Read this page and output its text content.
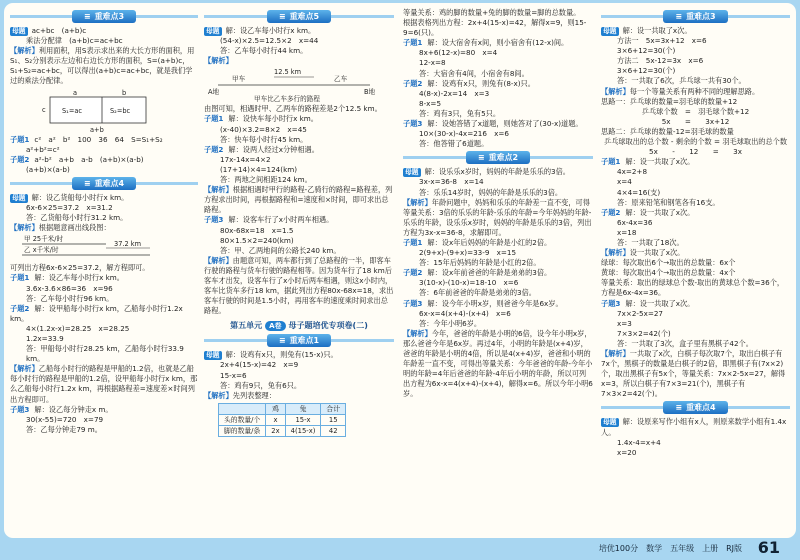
≡ 重难点3
母题 ac+bc　(a+b)c
乘法分配律　(a+b)c=ac+bc
【解析】利用面积，用S表示求出来的大长方形的面积，用S₁、S₂分别表示左边和右边长方形的面积，S=(a+b)c，S₁+S₂=ac+bc，可以得出(a+b)c=ac+bc，就是我们学过的乘法分配律。
a	b
c S₁=ac	S₂=bc
a+b
子题1 c²　a²　b²　100　36　64　S=S₁+S₂
a²+b²=c²
子题2 a²-b²　a+b　a-b　(a+b)×(a-b)
(a+b)×(a-b)
≡ 重难点4
母题 解：设乙货船每小时行x km。
6x-6×25=37.2　x=31.2
答：乙货船每小时行31.2 km。
【解析】根据题意画出线段图：
甲 25千米/时
乙 x千米/时
37.2 km
可列出方程6x-6×25=37.2，解方程即可。
子题1 解：设乙车每小时行x km。
3.6x-3.6×86=36　x=96
答：乙车每小时行96 km。
子题2 解：设甲船每小时行x km，乙船每小时行1.2x km。
4×(1.2x-x)=28.25　x=28.25
1.2x=33.9
答：甲船每小时行28.25 km，乙船每小时行33.9 km。
【解析】乙船每小时行的路程是甲船的1.2倍，也就是乙船每小时行的路程是甲船的1.2倍，设甲船每小时行x km，那么乙船每小时行1.2x km，再根据路程差=速度差×时间列出方程即可。
子题3 解：设乙每分钟走x m。
30(x-55)=720　x=79
答：乙每分钟走79 m。
≡ 重难点5
母题 解：设乙车每小时行x km。
(54-x)×2.5=12.5×2　x=44
答：乙车每小时行44 km。
【解析】
12.5 km
甲车	乙车
A地	B地
甲车比乙车多行的路程
由图可知，相遇时甲、乙两车的路程差是2个12.5 km。
子题1 解：设快车每小时行x km。
(x-40)×3.2=8×2　x=45
答：快车每小时行45 km。
子题2 解：设两人经过x分钟相遇。
17x-14x=4×2
(17+14)×4=124(km)
答：两地之间相距124 km。
【解析】根据相遇时甲行的路程-乙骑行的路程=路程差，列方程求出时间，再根据路程和=速度和×时间，即可求出总路程。
子题3 解：设客车行了x小时两车相遇。
80x-68x=18　x=1.5
80×1.5×2=240(km)
答：甲、乙两地间的公路长240 km。
【解析】由题意可知，两车都行到了总路程的一半，即客车行驶的路程与货车行驶的路程相等。因为货车行了18 km后客车才出发，设客车行了x小时后两车相遇，则这x小时内，客车比货车多行18 km，据此列出方程80x-68x=18，求出客车行驶的时间是1.5小时，再用客车的速度乘时间求出总路程。
第五单元 A卷 母子题培优专项卷(二)
≡ 重难点1
母题 解：设鸡有x只，则兔有(15-x)只。
2x+4(15-x)=42　x=9
15-x=6
答：鸡有9只，兔有6只。
【解析】先列表整理：
	鸡	兔	合计
头的数量/个	x	15-x	15
脚的数量/条	2x	4(15-x)	42
等量关系：鸡的脚的数量+兔的脚的数量=脚的总数量。
根据表格列出方程：2x+4(15-x)=42，解得x=9，则15-9=6(只)。
子题1 解：设大宿舍有x间，则小宿舍有(12-x)间。
8x+6(12-x)=80　x=4
12-x=8
答：大宿舍有4间，小宿舍有8间。
子题2 解：设鸡有x只，则兔有(8-x)只。
4(8-x)-2x=14　x=3
8-x=5
答：鸡有3只，兔有5只。
子题3 解：设她答错了x道题，则她答对了(30-x)道题。
10×(30-x)-4x=216　x=6
答：他答错了6道题。
≡ 重难点2
母题 解：设乐乐x岁时，妈妈的年龄是乐乐的3倍。
3x-x=36-8　x=14
答：乐乐14岁时，妈妈的年龄是乐乐的3倍。
【解析】年龄问题中，妈妈和乐乐的年龄差一直不变，可得等量关系：3倍的乐乐的年龄-乐乐的年龄=今年妈妈的年龄-乐乐的年龄，设乐乐x岁时，妈妈的年龄是乐乐的3倍，列出方程为3x-x=36-8，求解即可。
子题1 解：设x年后妈妈的年龄是小红的2倍。
2(9+x)-(9+x)=33-9　x=15
答：15年后妈妈的年龄是小红的2倍。
子题2 解：设x年前爸爸的年龄是弟弟的3倍。
3(10-x)-(10-x)=18-10　x=6
答：6年前爸爸的年龄是弟弟的3倍。
子题3 解：设今年小明x岁，则爸爸今年是6x岁。
6x-x=4(x+4)-(x+4)　x=6
答：今年小明6岁。
【解析】今年，爸爸的年龄是小明的6倍，设今年小明x岁，那么爸爸今年是6x岁。再过4年，小明的年龄是(x+4)岁，爸爸的年龄是小明的4倍，所以是4(x+4)岁，爸爸和小明的年龄差一直不变，可得出等量关系：今年爸爸的年龄-今年小明的年龄=4年后爸爸的年龄-4年后小明的年龄，所以可列出方程为6x-x=4(x+4)-(x+4)，解得x=6。所以今年小明6岁。
≡ 重难点3
母题 解：设一共取了x次。
方法一　5x=3x+12　x=6
3×6+12=30(个)
方法二　5x-12=3x　x=6
3×6+12=30(个)
答：一共取了6次，乒乓球一共有30个。
【解析】每一个等量关系有两种不同的理解思路。
思路一：乒乓球的数量=羽毛球的数量+12
乒乓球个数　=　羽毛球个数+12
5x　　=　　3x+12
思路二：乒乓球的数量-12=羽毛球的数量
乒乓球取出的总个数 - 剩余的个数 = 羽毛球取出的总个数
5x　　-　　12　　=　　3x
子题1 解：设一共取了x次。
4x=2+8
x=4
4×4=16(支)
答：原来铅笔和钢笔各有16支。
子题2 解：设一共取了x次。
6x-4x=36
x=18
答：一共取了18次。
【解析】设一共取了x次。
绿球：每次取出6个→取出的总数量：6x个
黄球：每次取出4个→取出的总数量：4x个
等量关系：取出的绿球总个数-取出的黄球总个数=36个，方程是6x-4x=36。
子题3 解：设一共取了x次。
7x×2-5x=27
x=3
7×3×2=42(个)
答：一共取了3次，盒子里有黑棋子42个。
【解析】一共取了x次，白棋子每次取7个，取出白棋子有7x个，黑棋子的数量是白棋子的2倍，即黑棋子有(7x×2)个，取出黑棋子有5x个，等量关系：7x×2-5x=27，解得x=3，所以白棋子有7×3=21(个)，黑棋子有7×3×2=42(个)。
≡ 重难点4
母题 解：设原来写作小组有x人，则原来数学小组有1.4x人。
1.4x-4=x+4
x=20
培优100分　数学　五年级　上册　RJ版 61
